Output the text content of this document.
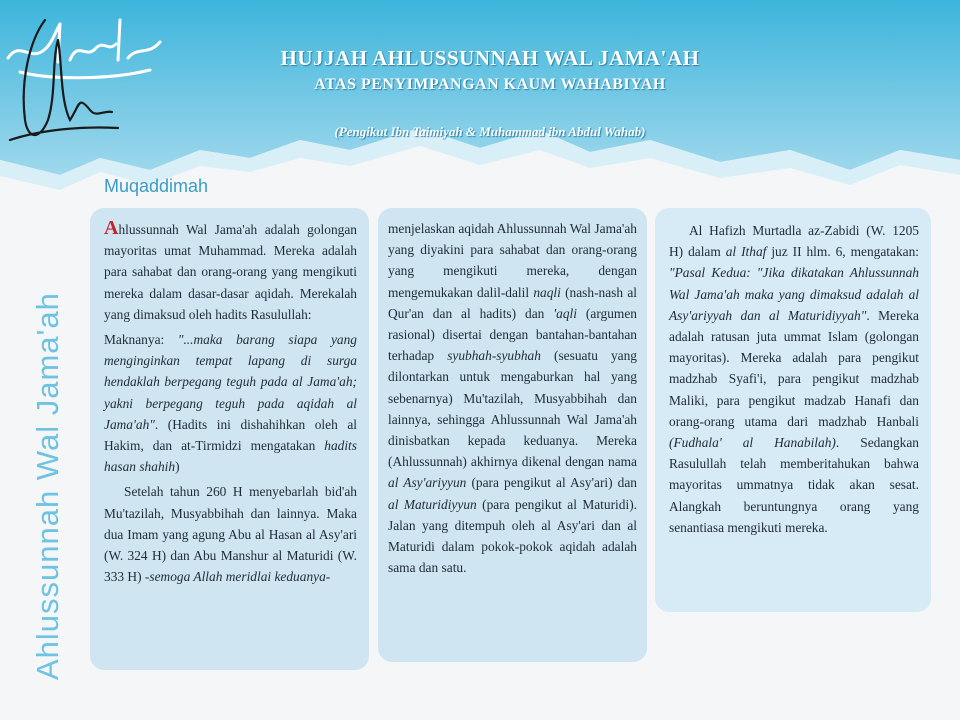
HUJJAH AHLUSSUNNAH WAL JAMA'AH
ATAS PENYIMPANGAN KAUM WAHABIYAH
(Pengikut Ibn Taimiyah & Muhammad ibn Abdul Wahab)
Muqaddimah
Ahlussunnah Wal Jama'ah

Ahlussunnah Wal Jama'ah adalah golongan mayoritas umat Muhammad. Mereka adalah para sahabat dan orang-orang yang mengikuti mereka dalam dasar-dasar aqidah. Merekalah yang dimaksud oleh hadits Rasulullah:

Maknanya: "...maka barang siapa yang menginginkan tempat lapang di surga hendaklah berpegang teguh pada al Jama'ah; yakni berpegang teguh pada aqidah al Jama'ah". (Hadits ini dishahihkan oleh al Hakim, dan at-Tirmidzi mengatakan hadits hasan shahih)

Setelah tahun 260 H menyebarlah bid'ah Mu'tazilah, Musyabbihah dan lainnya. Maka dua Imam yang agung Abu al Hasan al Asy'ari (W. 324 H) dan Abu Manshur al Maturidi (W. 333 H) -semoga Allah meridlai keduanya-

menjelaskan aqidah Ahlussunnah Wal Jama'ah yang diyakini para sahabat dan orang-orang yang mengikuti mereka, dengan mengemukakan dalil-dalil naqli (nash-nash al Qur'an dan al hadits) dan 'aqli (argumen rasional) disertai dengan bantahan-bantahan terhadap syubhah-syubhah (sesuatu yang dilontarkan untuk mengaburkan hal yang sebenarnya) Mu'tazilah, Musyabbihah dan lainnya, sehingga Ahlussunnah Wal Jama'ah dinisbatkan kepada keduanya. Mereka (Ahlussunnah) akhirnya dikenal dengan nama al Asy'ariyyun (para pengikut al Asy'ari) dan al Maturidiyyun (para pengikut al Maturidi). Jalan yang ditempuh oleh al Asy'ari dan al Maturidi dalam pokok-pokok aqidah adalah sama dan satu.

Al Hafizh Murtadla az-Zabidi (W. 1205 H) dalam al Ithaf juz II hlm. 6, mengatakan: "Pasal Kedua: "Jika dikatakan Ahlussunnah Wal Jama'ah maka yang dimaksud adalah al Asy'ariyyah dan al Maturidiyyah". Mereka adalah ratusan juta ummat Islam (golongan mayoritas). Mereka adalah para pengikut madzhab Syafi'i, para pengikut madzhab Maliki, para pengikut madzab Hanafi dan orang-orang utama dari madzhab Hanbali (Fudhala' al Hanabilah). Sedangkan Rasulullah telah memberitahukan bahwa mayoritas ummatnya tidak akan sesat. Alangkah beruntungnya orang yang senantiasa mengikuti mereka.
